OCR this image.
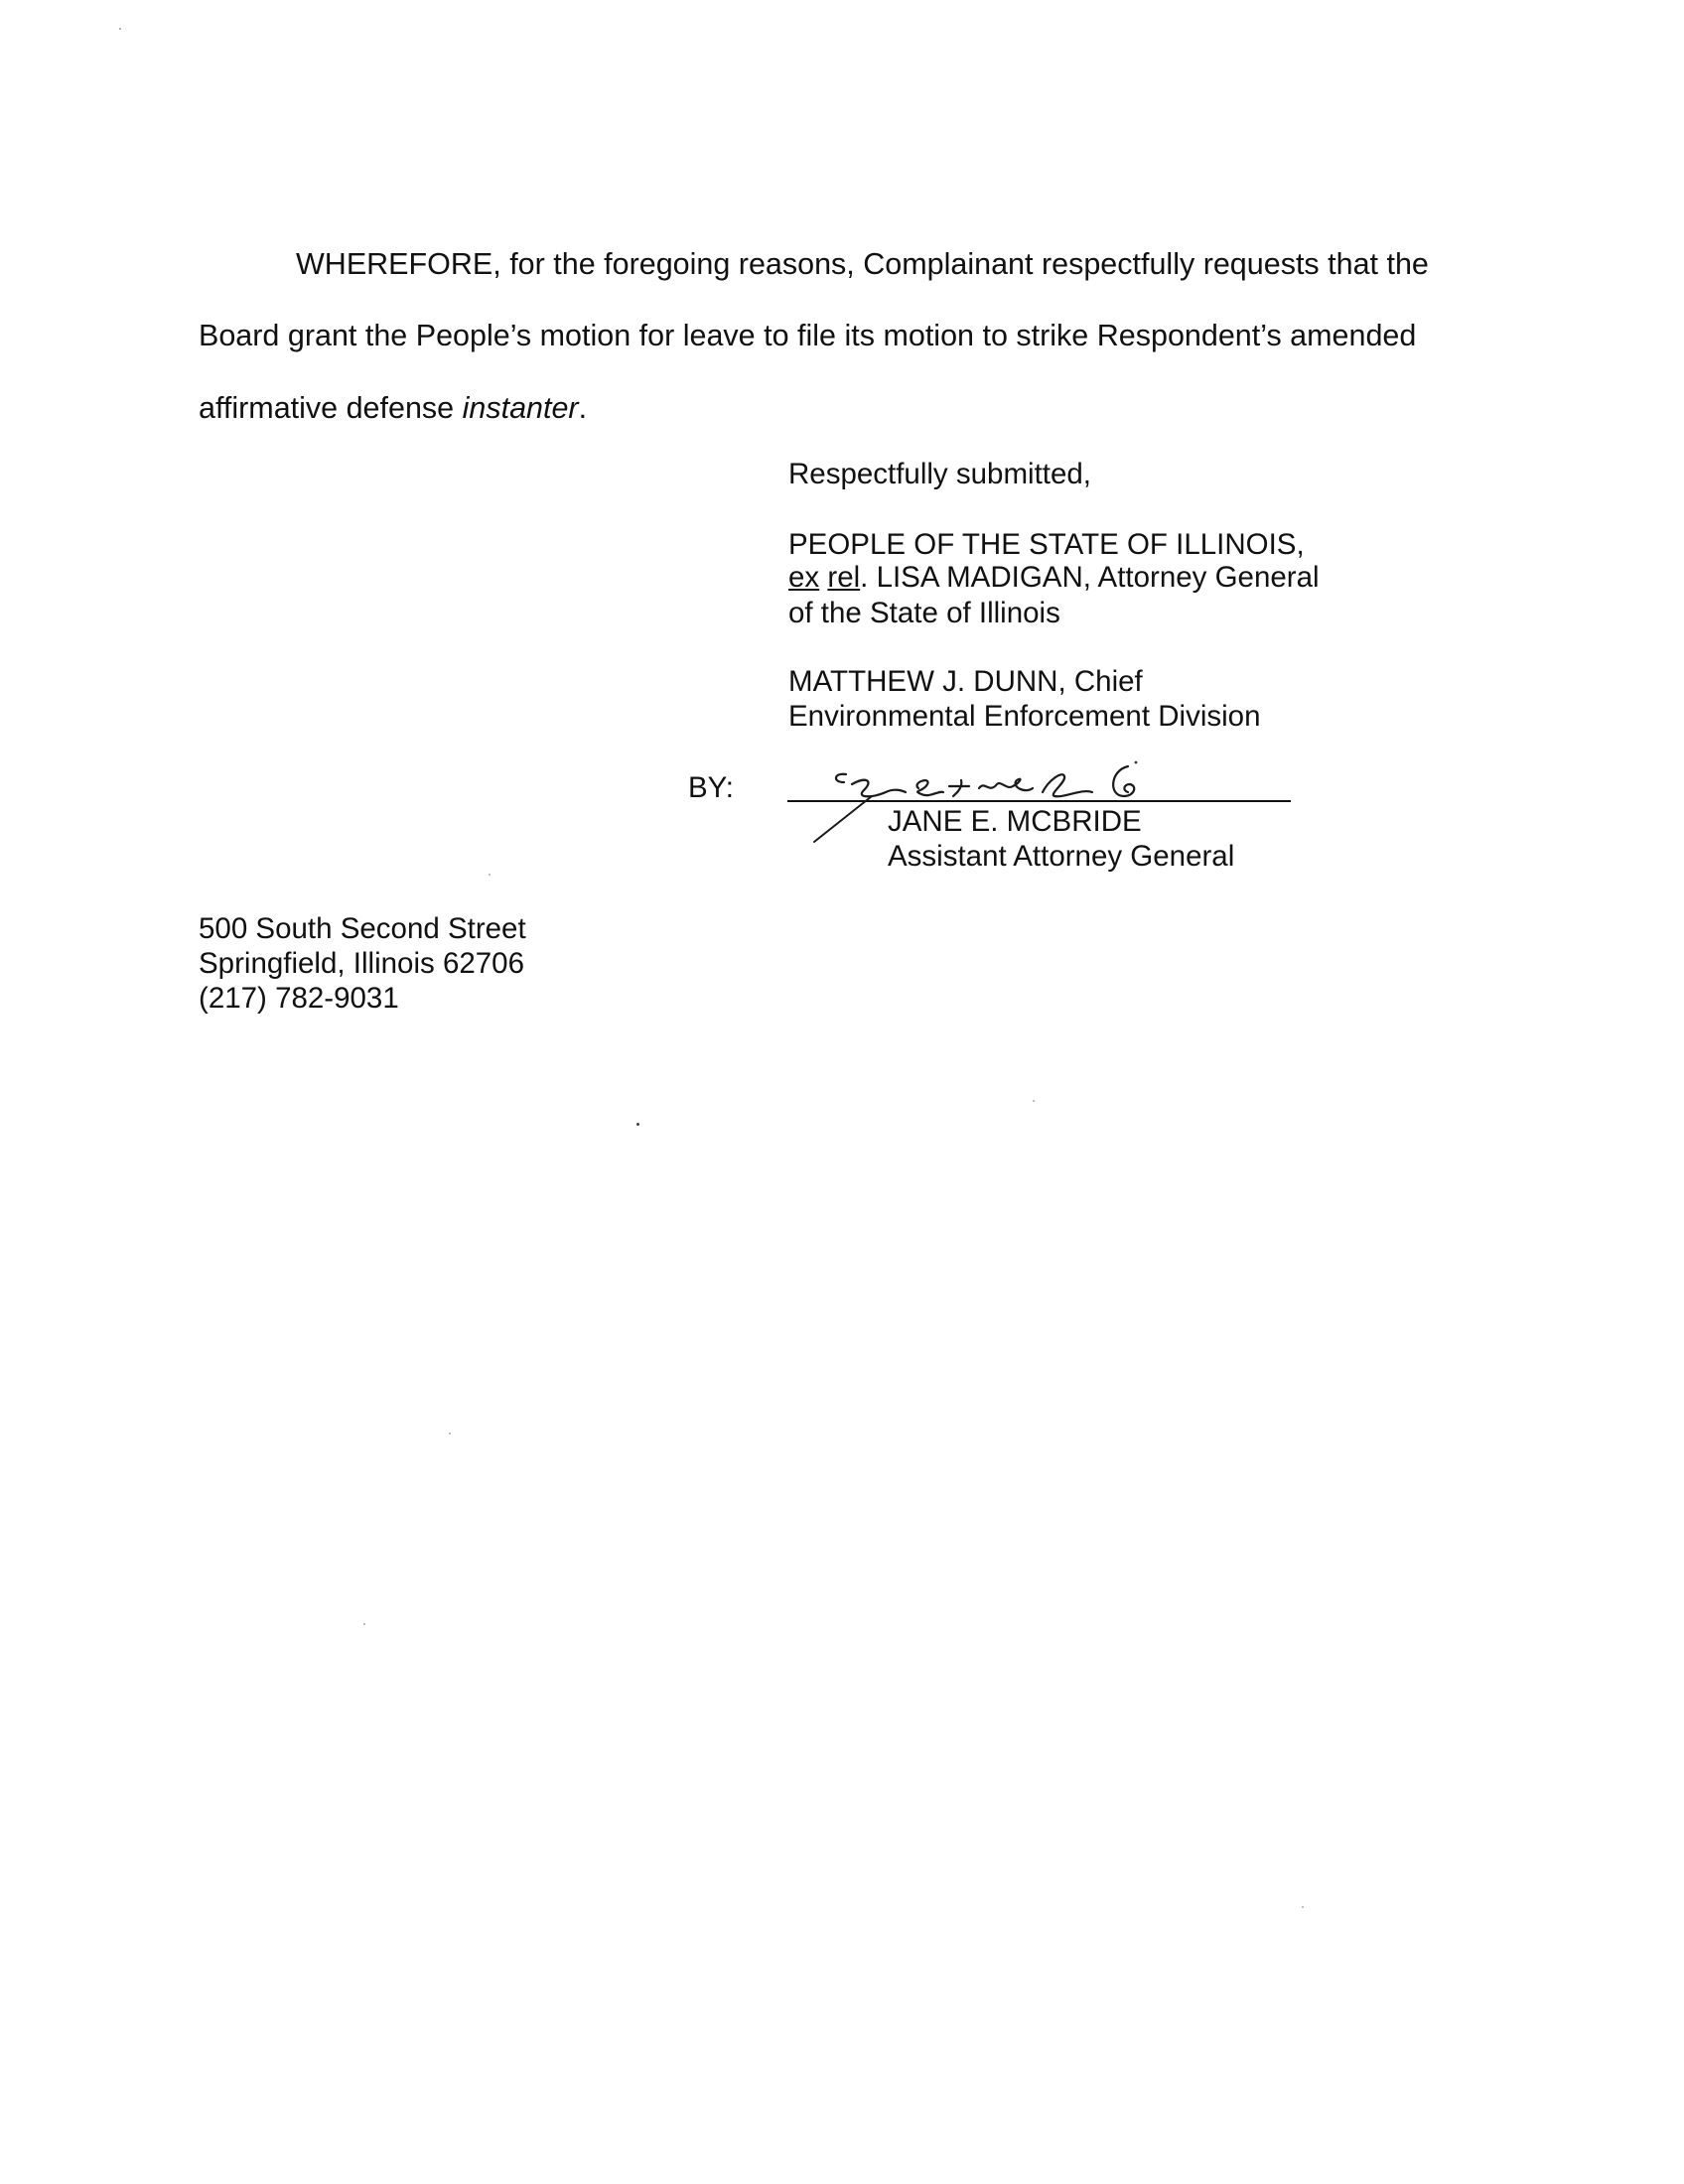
WHEREFORE, for the foregoing reasons, Complainant respectfully requests that the

Board grant the People’s motion for leave to file its motion to strike Respondent’s amended

affirmative defense instanter.

Respectfully submitted,

PEOPLE OF THE STATE OF ILLINOIS,

ex rel. LISA MADIGAN, Attorney General

of the State of Illinois

MATTHEW J. DUNN, Chief

Environmental Enforcement Division

BY:

JANE E. MCBRIDE

Assistant Attorney General

500 South Second Street

Springfield, Illinois 62706

(217) 782-9031
